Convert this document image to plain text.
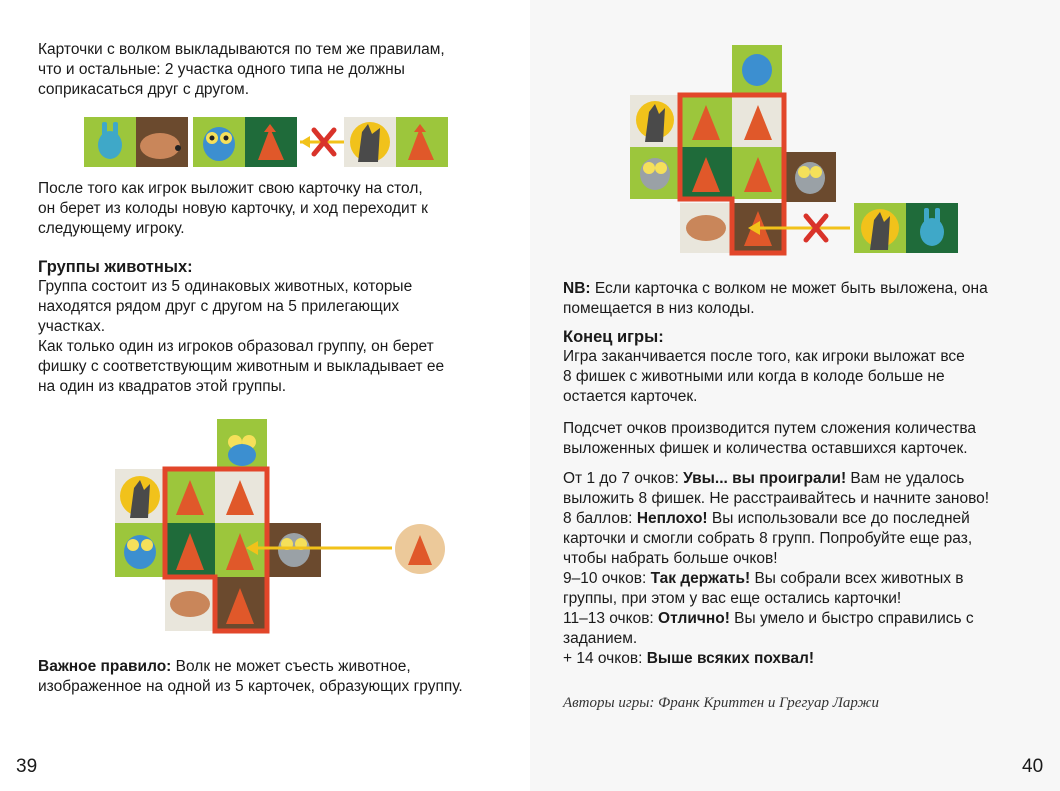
Карточки с волком выкладываются по тем же правилам,
что и остальные: 2 участка одного типа не должны
соприкасаться друг с другом.
После того как игрок выложит свою карточку на стол,
он берет из колоды новую карточку, и ход переходит к
следующему игроку.
Группы животных:
Группа состоит из 5 одинаковых животных, которые
находятся рядом друг с другом на 5 прилегающих
участках.
Как только один из игроков образовал группу, он берет
фишку с соответствующим животным и выкладывает ее
на один из квадратов этой группы.
Важное правило: Волк не может съесть животное,
изображенное на одной из 5 карточек, образующих группу.
39
NB: Если карточка с волком не может быть выложена, она
помещается в низ колоды.
Конец игры:
Игра заканчивается после того, как игроки выложат все
8 фишек с животными или когда в колоде больше не
остается карточек.
Подсчет очков производится путем сложения количества
выложенных фишек и количества оставшихся карточек.
От 1 до 7 очков: Увы... вы проиграли! Вам не удалось
выложить 8 фишек. Не расстраивайтесь и начните заново!
8 баллов: Неплохо! Вы использовали все до последней
карточки и смогли собрать 8 групп. Попробуйте еще раз,
чтобы набрать больше очков!
9–10 очков: Так держать! Вы собрали всех животных в
группы, при этом у вас еще остались карточки!
11–13 очков: Отлично! Вы умело и быстро справились с
заданием.
+ 14 очков: Выше всяких похвал!
Авторы игры: Франк Криттен и Грегуар Ларжи
40
